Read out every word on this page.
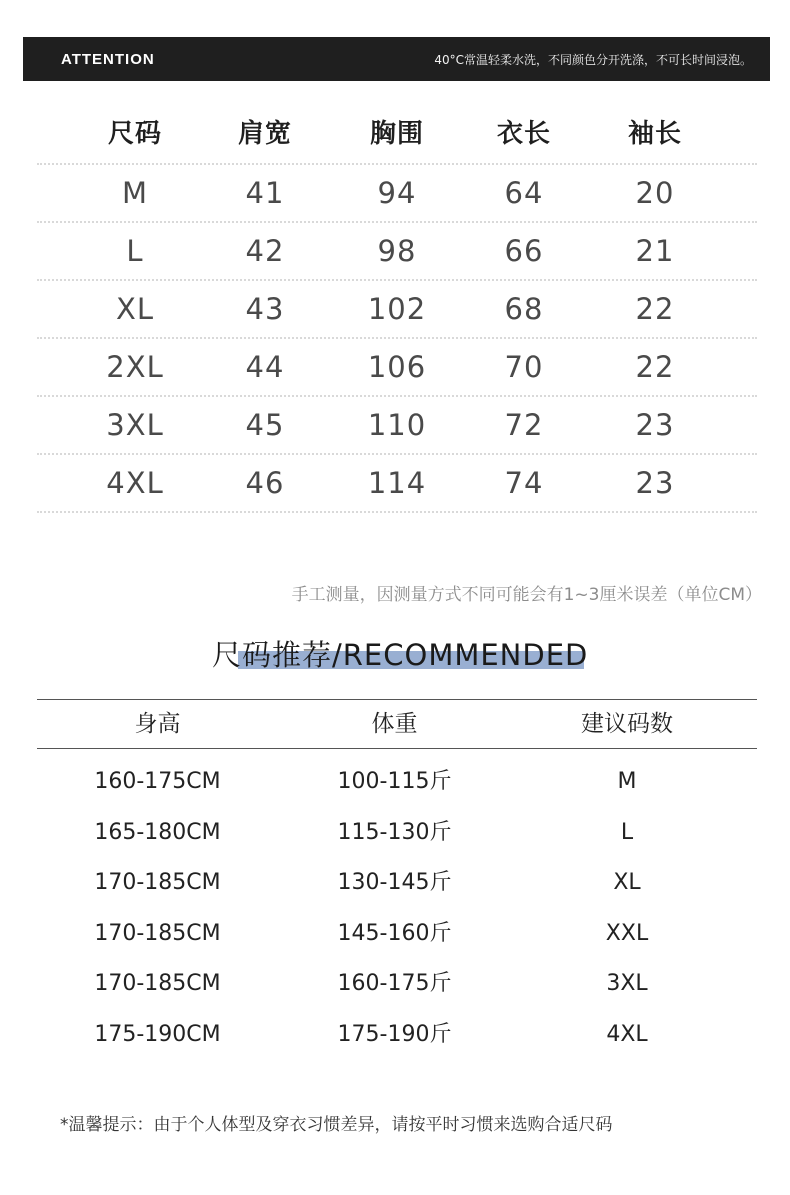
ATTENTION	40°C常温轻柔水洗，不同颜色分开洗涤，不可长时间浸泡。
尺码	肩宽	胸围	衣长	袖长
M	41	94	64	20
L	42	98	66	21
XL	43	102	68	22
2XL	44	106	70	22
3XL	45	110	72	23
4XL	46	114	74	23
手工测量，因测量方式不同可能会有1~3厘米误差（单位CM）
尺码推荐/RECOMMENDED
身高	体重	建议码数
160-175CM	100-115斤	M
165-180CM	115-130斤	L
170-185CM	130-145斤	XL
170-185CM	145-160斤	XXL
170-185CM	160-175斤	3XL
175-190CM	175-190斤	4XL
*温馨提示：由于个人体型及穿衣习惯差异，请按平时习惯来选购合适尺码
